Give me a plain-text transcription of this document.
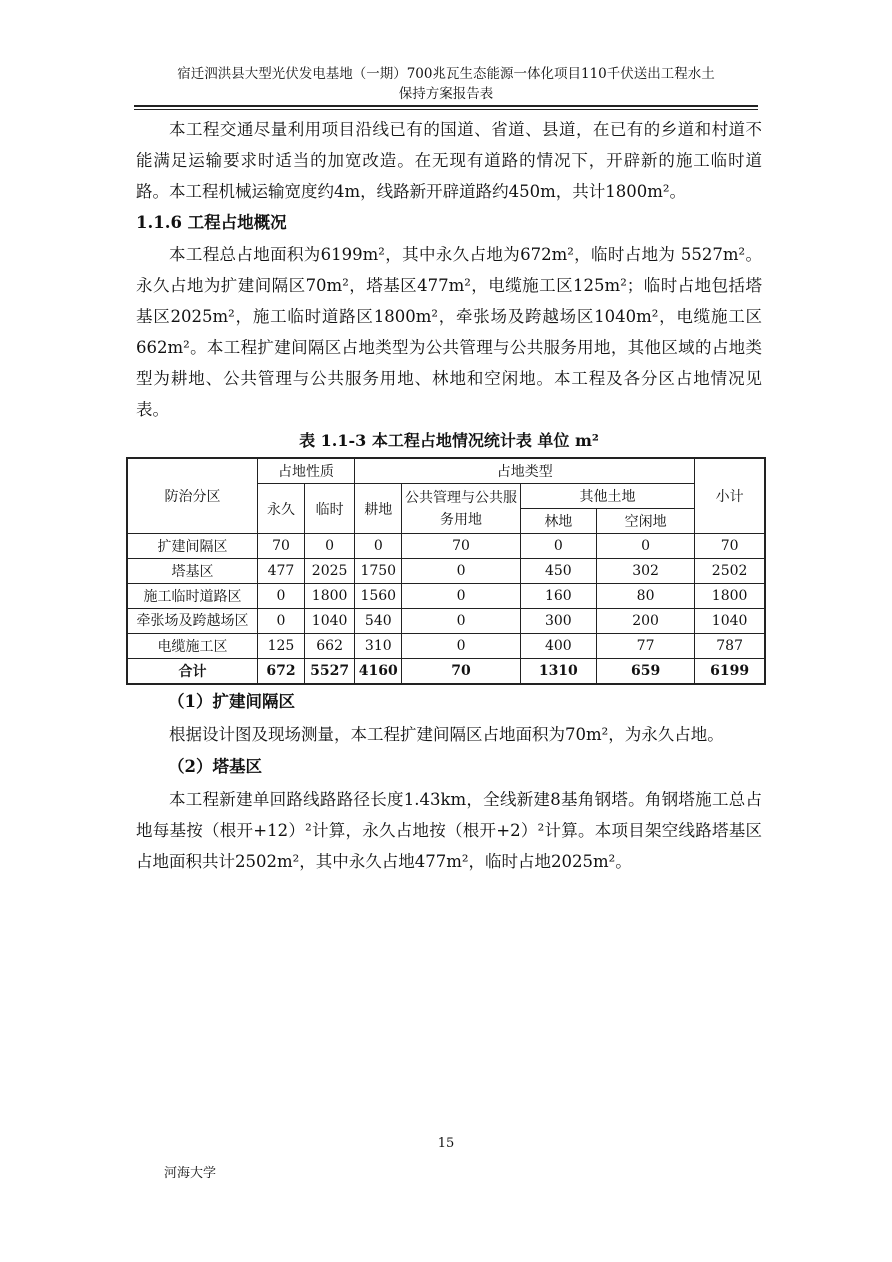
宿迁泗洪县大型光伏发电基地（一期）700兆瓦生态能源一体化项目110千伏送出工程水土
保持方案报告表

本工程交通尽量利用项目沿线已有的国道、省道、县道，在已有的乡道和村道不能满足运输要求时适当的加宽改造。在无现有道路的情况下，开辟新的施工临时道路。本工程机械运输宽度约4m，线路新开辟道路约450m，共计1800m²。

1.1.6 工程占地概况

本工程总占地面积为6199m²，其中永久占地为672m²，临时占地为 5527m²。永久占地为扩建间隔区70m²，塔基区477m²，电缆施工区125m²；临时占地包括塔基区2025m²，施工临时道路区1800m²，牵张场及跨越场区1040m²，电缆施工区662m²。本工程扩建间隔区占地类型为公共管理与公共服务用地，其他区域的占地类型为耕地、公共管理与公共服务用地、林地和空闲地。本工程及各分区占地情况见表。

表 1.1-3 本工程占地情况统计表 单位 m²
防治分区	占地性质		占地类型				小计
	永久	临时	耕地	公共管理与公共服务用地	其他土地		
					林地	空闲地	
扩建间隔区	70	0	0	70	0	0	70
塔基区	477	2025	1750	0	450	302	2502
施工临时道路区	0	1800	1560	0	160	80	1800
牵张场及跨越场区	0	1040	540	0	300	200	1040
电缆施工区	125	662	310	0	400	77	787
合计	672	5527	4160	70	1310	659	6199
（1）扩建间隔区

根据设计图及现场测量，本工程扩建间隔区占地面积为70m²，为永久占地。

（2）塔基区

本工程新建单回路线路路径长度1.43km，全线新建8基角钢塔。角钢塔施工总占地每基按（根开+12）²计算，永久占地按（根开+2）²计算。本项目架空线路塔基区占地面积共计2502m²，其中永久占地477m²，临时占地2025m²。

15
河海大学
